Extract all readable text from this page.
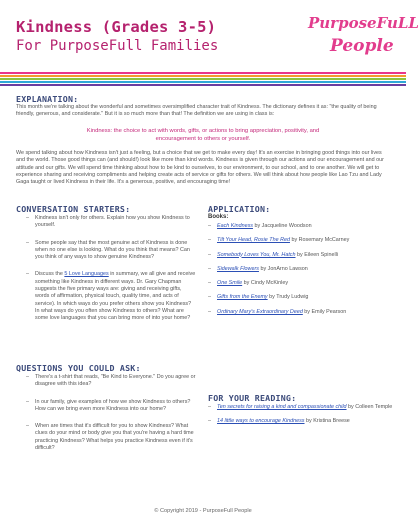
Kindness (Grades 3-5)
For PurposeFull Families
PurposeFuLL
People
EXPLANATION:
This month we're talking about the wonderful and sometimes oversimplified character trait of Kindness. The dictionary defines it as: "the quality of being friendly, generous, and considerate." But it is so much more than that! The definition we are using in class is:
Kindness: the choice to act with words, gifts, or actions to bring appreciation, positivity, and encouragement to others or yourself.
We spend talking about how Kindness isn't just a feeling, but a choice that we get to make every day! It's an exercise in bringing good things into our lives and the world. Those good things can (and should!) look like more than kind words. Kindness is given through our actions and our encouragement and our attitude and our gifts. We will spend time thinking about how to be kind to ourselves, to our environment, to our school, and to one another. We will get to experience sharing and receiving compliments and helping create acts of service or gifts for others. We will think about how people like Lao Tzu and Lady Gaga taught or lived Kindness in their life. It's a generous, positive, and encouraging time!
CONVERSATION STARTERS:
– Kindness isn't only for others. Explain how you show Kindness to yourself.
– Some people say that the most genuine act of Kindness is done when no one else is looking. What do you think that means? Can you think of any ways to show genuine Kindness?
– Discuss the 5 Love Languages in summary, we all give and receive something like Kindness in different ways. Dr. Gary Chapman suggests the five primary ways are: giving and receiving gifts, words of affirmation, physical touch, quality time, and acts of service). In which ways do you prefer others show you Kindness? In what ways do you often show Kindness to others? What are some love languages that you can bring more of into your home?
QUESTIONS YOU COULD ASK:
– There's a t-shirt that reads, "Be Kind to Everyone." Do you agree or disagree with this idea?
– In our family, give examples of how we show Kindness to others? How can we bring even more Kindness into our home?
– When are times that it's difficult for you to show Kindness? What clues do your mind or body give you that you're having a hard time practicing Kindness? What helps you practice Kindness even if it's difficult?
APPLICATION:
Books:
– Each Kindness by Jacqueline Woodson
– Tilt Your Head, Rosie The Red by Rosemary McCarney
– Somebody Loves You, Mr. Hatch by Eileen Spinelli
– Sidewalk Flowers by JonArno Lawson
– One Smile by Cindy McKinley
– Gifts from the Enemy by Trudy Ludwig
– Ordinary Mary's Extraordinary Deed by Emily Pearson
FOR YOUR READING:
– Ten secrets for raising a kind and compassionate child by Colleen Temple
– 14 little ways to encourage Kindness by Kristina Breese
© Copyright 2019 - PurposeFull People
